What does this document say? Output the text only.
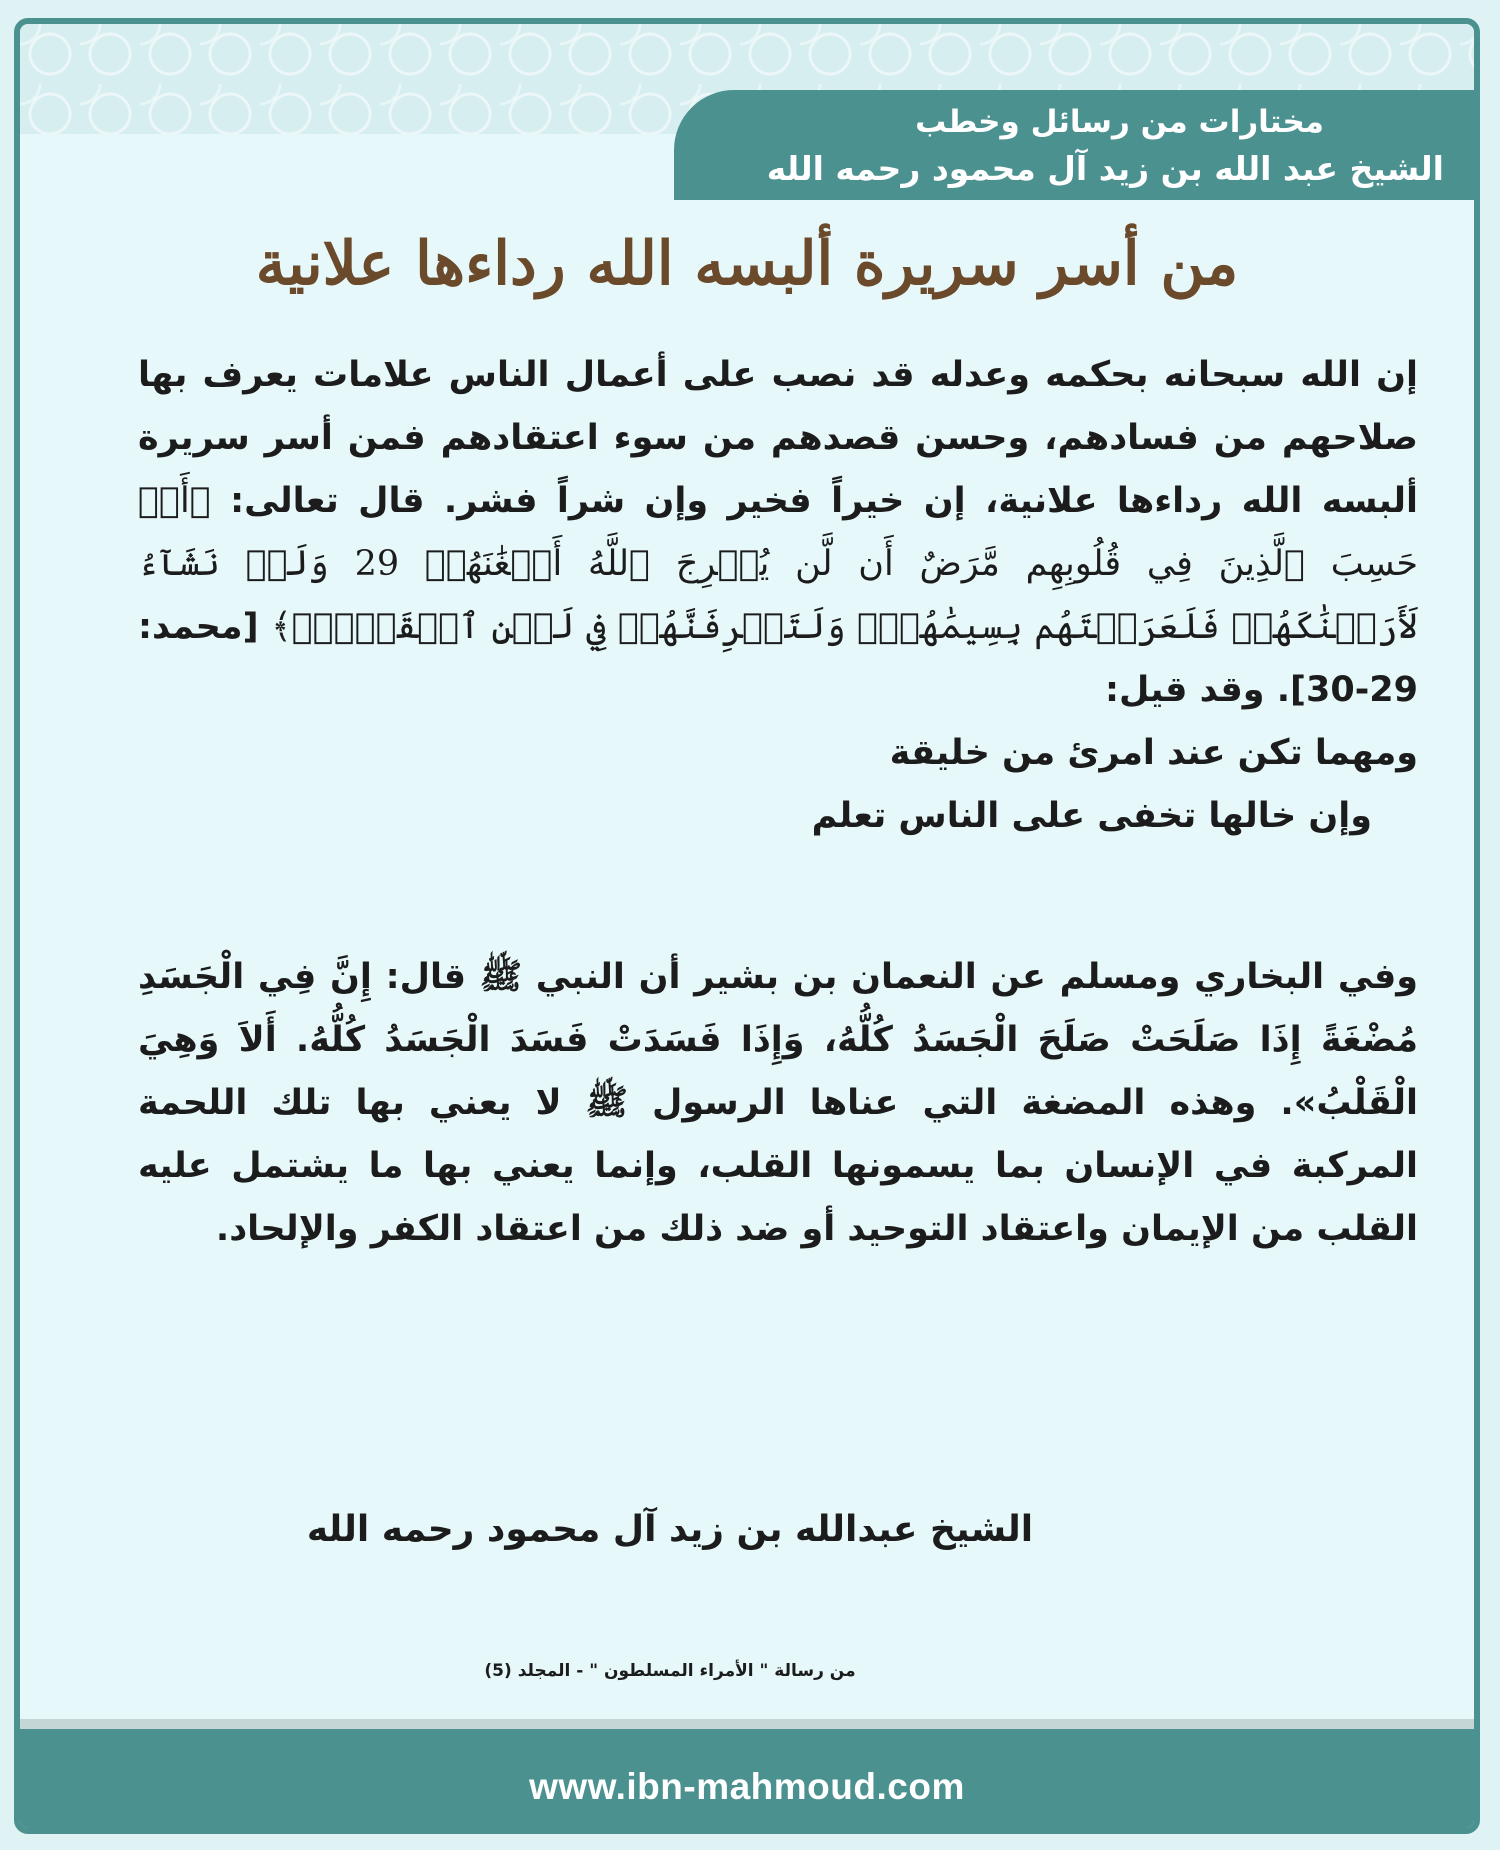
مختارات من رسائل وخطب
الشيخ عبد الله بن زيد آل محمود رحمه الله
من أسر سريرة ألبسه الله رداءها علانية

إن الله سبحانه بحكمه وعدله قد نصب على أعمال الناس علامات يعرف بها صلاحهم من فسادهم، وحسن قصدهم من سوء اعتقادهم فمن أسر سريرة ألبسه الله رداءها علانية، إن خيراً فخير وإن شراً فشر. قال تعالى: ﴿أَمۡ حَسِبَ ٱلَّذِينَ فِي قُلُوبِهِم مَّرَضٌ أَن لَّن يُخۡرِجَ ٱللَّهُ أَضۡغَٰنَهُمۡ 29 وَلَوۡ نَشَآءُ لَأَرَيۡنَٰكَهُمۡ فَلَعَرَفۡتَهُم بِسِيمَٰهُمۡۚ وَلَتَعۡرِفَنَّهُمۡ فِي لَحۡنِ ٱلۡقَوۡلِۚ﴾ [محمد: 29-30]. وقد قيل:

ومهما تكن عند امرئ من خليقة

وإن خالها تخفى على الناس تعلم

وفي البخاري ومسلم عن النعمان بن بشير أن النبي ﷺ قال: إِنَّ فِي الْجَسَدِ مُضْغَةً إِذَا صَلَحَتْ صَلَحَ الْجَسَدُ كُلُّهُ، وَإِذَا فَسَدَتْ فَسَدَ الْجَسَدُ كُلُّهُ. أَلاَ وَهِيَ الْقَلْبُ». وهذه المضغة التي عناها الرسول ﷺ لا يعني بها تلك اللحمة المركبة في الإنسان بما يسمونها القلب، وإنما يعني بها ما يشتمل عليه القلب من الإيمان واعتقاد التوحيد أو ضد ذلك من اعتقاد الكفر والإلحاد.

الشيخ عبدالله بن زيد آل محمود رحمه الله
من رسالة " الأمراء المسلطون " - المجلد (5)
www.ibn-mahmoud.com
